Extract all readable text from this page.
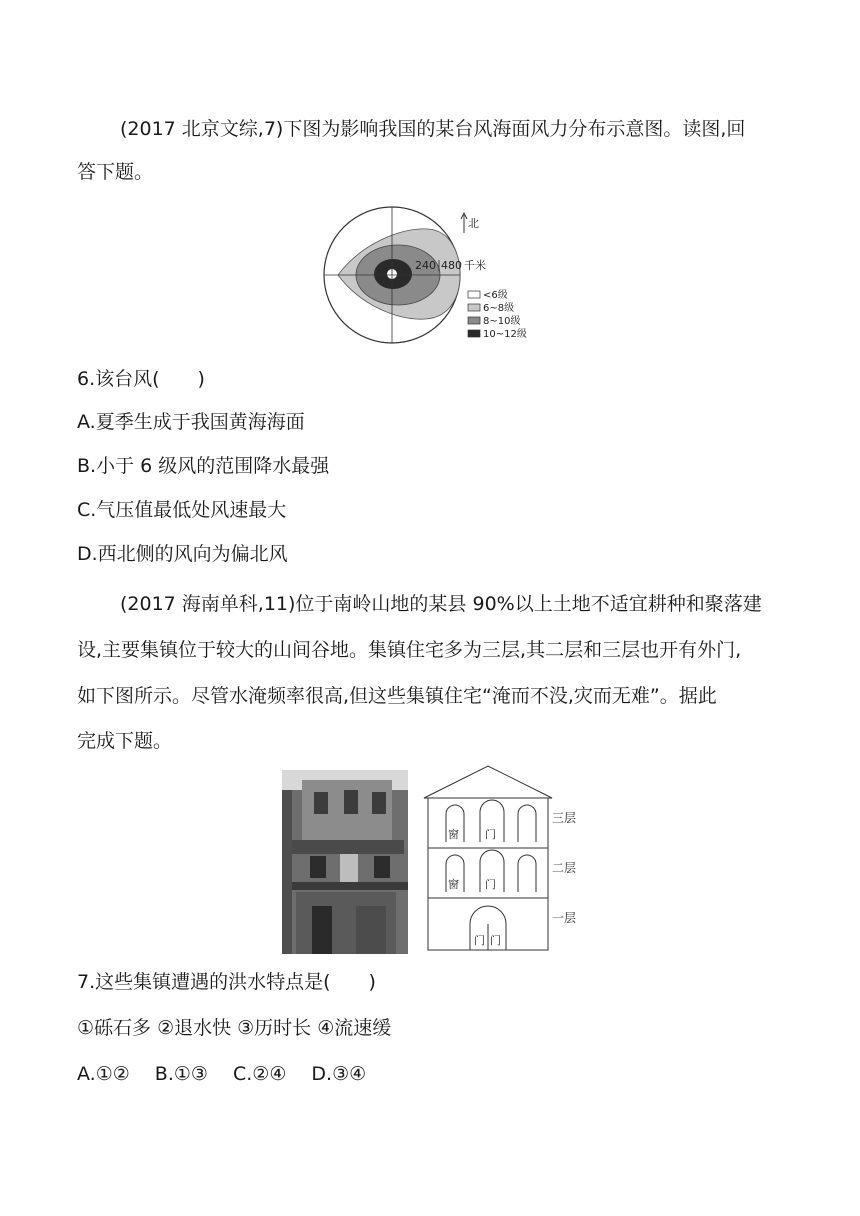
(2017 北京文综,7)下图为影响我国的某台风海面风力分布示意图。读图,回
答下题。
240 480 千米
北
<6级
6~8级
8~10级
10~12级
6.该台风(　　)
A.夏季生成于我国黄海海面
B.小于 6 级风的范围降水最强
C.气压值最低处风速最大
D.西北侧的风向为偏北风
(2017 海南单科,11)位于南岭山地的某县 90%以上土地不适宜耕种和聚落建
设,主要集镇位于较大的山间谷地。集镇住宅多为三层,其二层和三层也开有外门,
如下图所示。尽管水淹频率很高,但这些集镇住宅“淹而不没,灾而无难”。据此
完成下题。
窗 门
窗 门
门 门
三层
二层
一层
7.这些集镇遭遇的洪水特点是(　　)
①砾石多 ②退水快 ③历时长 ④流速缓
A.①②　 B.①③　 C.②④　 D.③④
